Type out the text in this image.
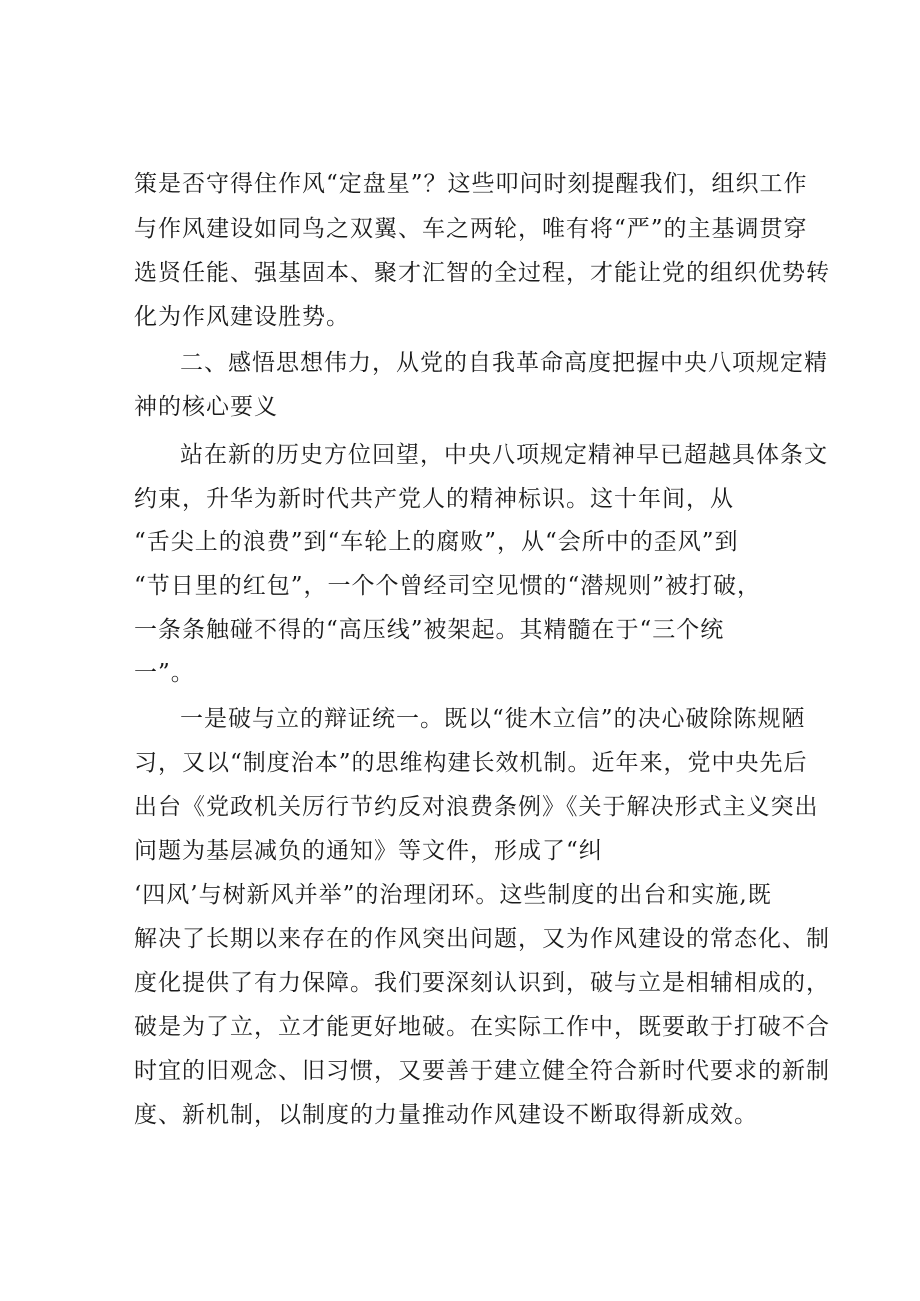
策是否守得住作风“定盘星”？这些叩问时刻提醒我们，组织工作
与作风建设如同鸟之双翼、车之两轮，唯有将“严”的主基调贯穿
选贤任能、强基固本、聚才汇智的全过程，才能让党的组织优势转
化为作风建设胜势。
二、感悟思想伟力，从党的自我革命高度把握中央八项规定精
神的核心要义
站在新的历史方位回望，中央八项规定精神早已超越具体条文
约束，升华为新时代共产党人的精神标识。这十年间，从
“舌尖上的浪费”到“车轮上的腐败”，从“会所中的歪风”到
“节日里的红包”，一个个曾经司空见惯的“潜规则”被打破，
一条条触碰不得的“高压线”被架起。其精髓在于“三个统
一”。
一是破与立的辩证统一。既以“徙木立信”的决心破除陈规陋
习，又以“制度治本”的思维构建长效机制。近年来，党中央先后
出台《党政机关厉行节约反对浪费条例》《关于解决形式主义突出
问题为基层减负的通知》等文件，形成了“纠
‘四风’与树新风并举”的治理闭环。这些制度的出台和实施,既
解决了长期以来存在的作风突出问题，又为作风建设的常态化、制
度化提供了有力保障。我们要深刻认识到，破与立是相辅相成的，
破是为了立，立才能更好地破。在实际工作中，既要敢于打破不合
时宜的旧观念、旧习惯，又要善于建立健全符合新时代要求的新制
度、新机制，以制度的力量推动作风建设不断取得新成效。
